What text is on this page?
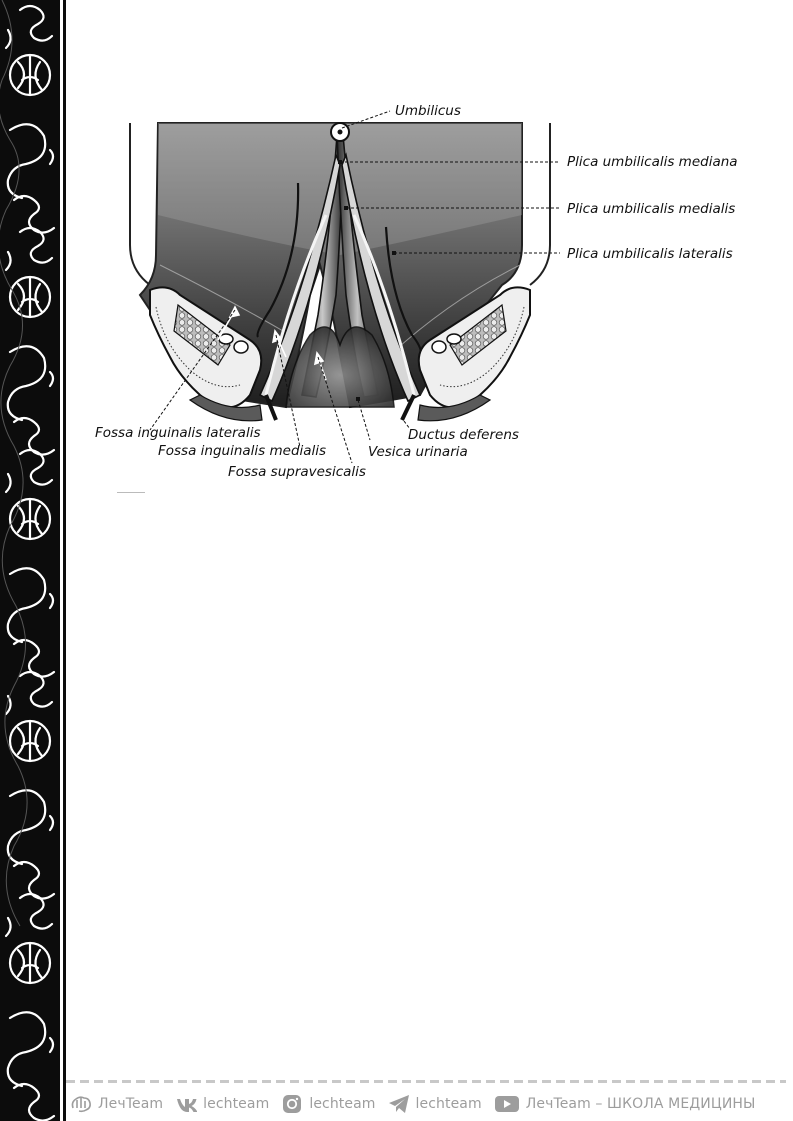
Umbilicus
Plica umbilicalis mediana
Plica umbilicalis medialis
Plica umbilicalis lateralis
Fossa inguinalis lateralis
Fossa inguinalis medialis
Fossa supravesicalis
Ductus deferens
Vesica urinaria
ЛечTeam	lechteam	lechteam	lechteam	ЛечTeam – ШКОЛА МЕДИЦИНЫ
